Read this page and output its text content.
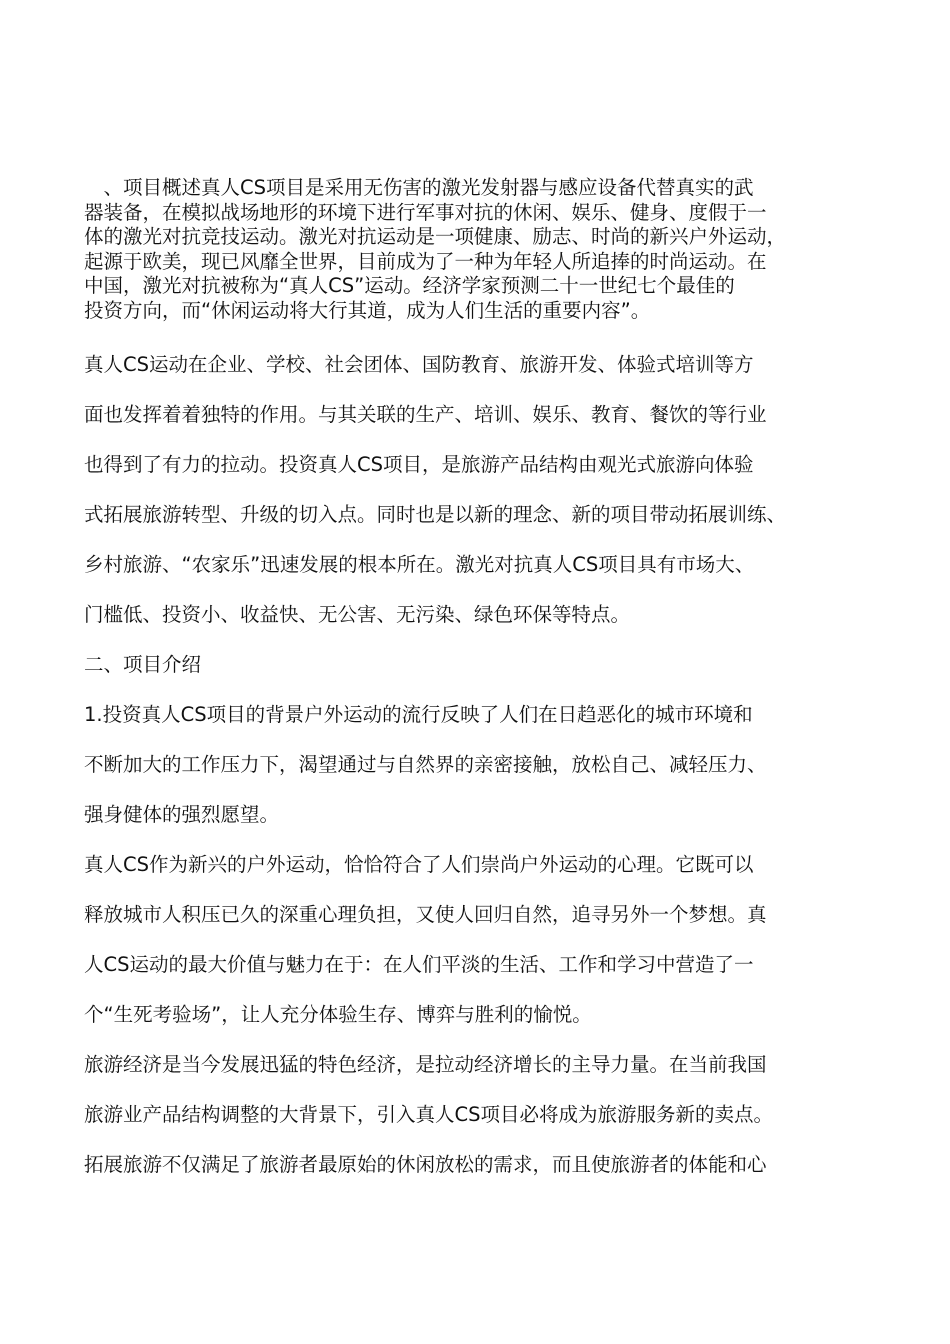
　、项目概述真人CS项目是采用无伤害的激光发射器与感应设备代替真实的武
器装备，在模拟战场地形的环境下进行军事对抗的休闲、娱乐、健身、度假于一
体的激光对抗竞技运动。激光对抗运动是一项健康、励志、时尚的新兴户外运动，
起源于欧美，现已风靡全世界，目前成为了一种为年轻人所追捧的时尚运动。在
中国，激光对抗被称为“真人CS”运动。经济学家预测二十一世纪七个最佳的
投资方向，而“休闲运动将大行其道，成为人们生活的重要内容”。

真人CS运动在企业、学校、社会团体、国防教育、旅游开发、体验式培训等方
面也发挥着着独特的作用。与其关联的生产、培训、娱乐、教育、餐饮的等行业
也得到了有力的拉动。投资真人CS项目，是旅游产品结构由观光式旅游向体验
式拓展旅游转型、升级的切入点。同时也是以新的理念、新的项目带动拓展训练、
乡村旅游、“农家乐”迅速发展的根本所在。激光对抗真人CS项目具有市场大、
门槛低、投资小、收益快、无公害、无污染、绿色环保等特点。
二、项目介绍
1.投资真人CS项目的背景户外运动的流行反映了人们在日趋恶化的城市环境和
不断加大的工作压力下，渴望通过与自然界的亲密接触，放松自己、减轻压力、
强身健体的强烈愿望。
真人CS作为新兴的户外运动，恰恰符合了人们崇尚户外运动的心理。它既可以
释放城市人积压已久的深重心理负担，又使人回归自然，追寻另外一个梦想。真
人CS运动的最大价值与魅力在于：在人们平淡的生活、工作和学习中营造了一
个“生死考验场”，让人充分体验生存、博弈与胜利的愉悦。
旅游经济是当今发展迅猛的特色经济，是拉动经济增长的主导力量。在当前我国
旅游业产品结构调整的大背景下，引入真人CS项目必将成为旅游服务新的卖点。
拓展旅游不仅满足了旅游者最原始的休闲放松的需求，而且使旅游者的体能和心
